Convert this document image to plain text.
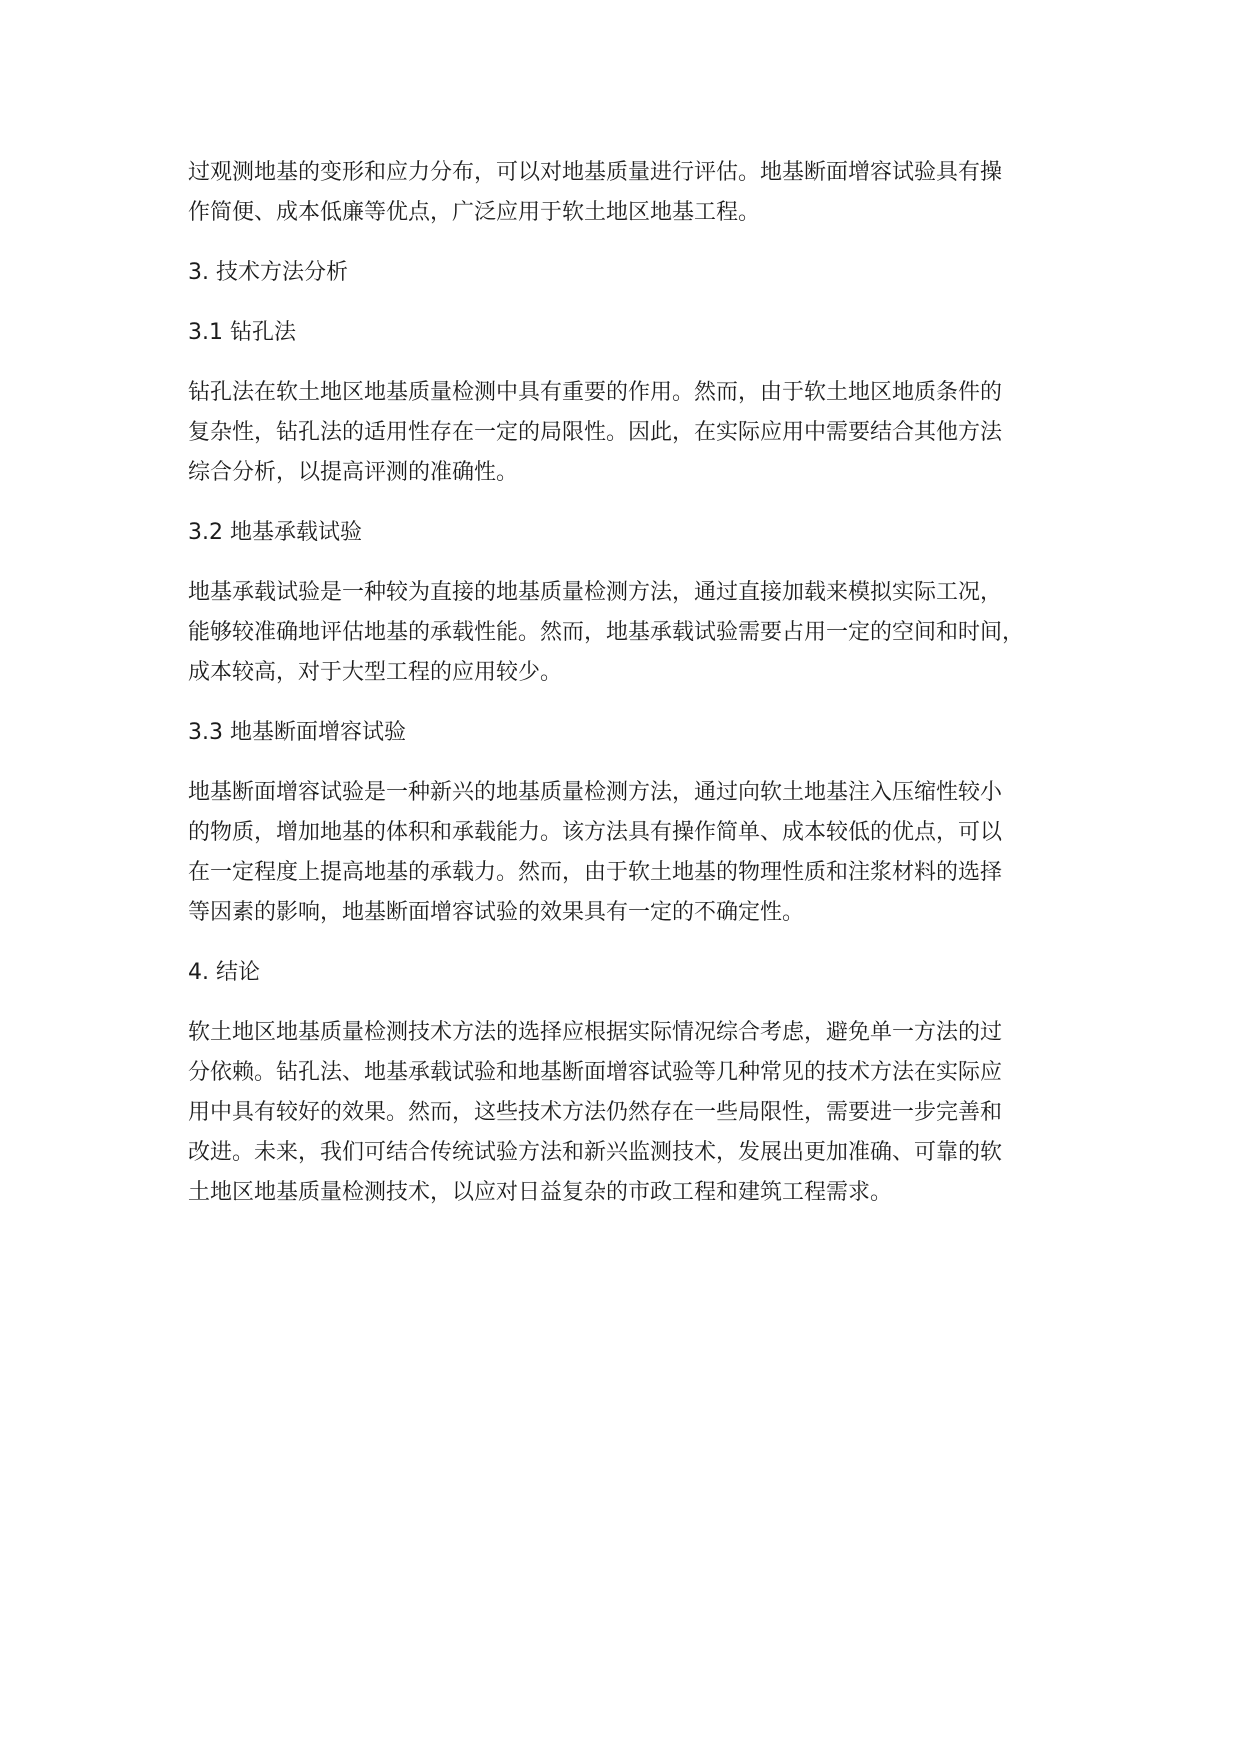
过观测地基的变形和应力分布，可以对地基质量进行评估。地基断面增容试验具有操
作简便、成本低廉等优点，广泛应用于软土地区地基工程。
3. 技术方法分析
3.1 钻孔法
钻孔法在软土地区地基质量检测中具有重要的作用。然而，由于软土地区地质条件的
复杂性，钻孔法的适用性存在一定的局限性。因此，在实际应用中需要结合其他方法
综合分析，以提高评测的准确性。
3.2 地基承载试验
地基承载试验是一种较为直接的地基质量检测方法，通过直接加载来模拟实际工况，
能够较准确地评估地基的承载性能。然而，地基承载试验需要占用一定的空间和时间，
成本较高，对于大型工程的应用较少。
3.3 地基断面增容试验
地基断面增容试验是一种新兴的地基质量检测方法，通过向软土地基注入压缩性较小
的物质，增加地基的体积和承载能力。该方法具有操作简单、成本较低的优点，可以
在一定程度上提高地基的承载力。然而，由于软土地基的物理性质和注浆材料的选择
等因素的影响，地基断面增容试验的效果具有一定的不确定性。
4. 结论
软土地区地基质量检测技术方法的选择应根据实际情况综合考虑，避免单一方法的过
分依赖。钻孔法、地基承载试验和地基断面增容试验等几种常见的技术方法在实际应
用中具有较好的效果。然而，这些技术方法仍然存在一些局限性，需要进一步完善和
改进。未来，我们可结合传统试验方法和新兴监测技术，发展出更加准确、可靠的软
土地区地基质量检测技术，以应对日益复杂的市政工程和建筑工程需求。
